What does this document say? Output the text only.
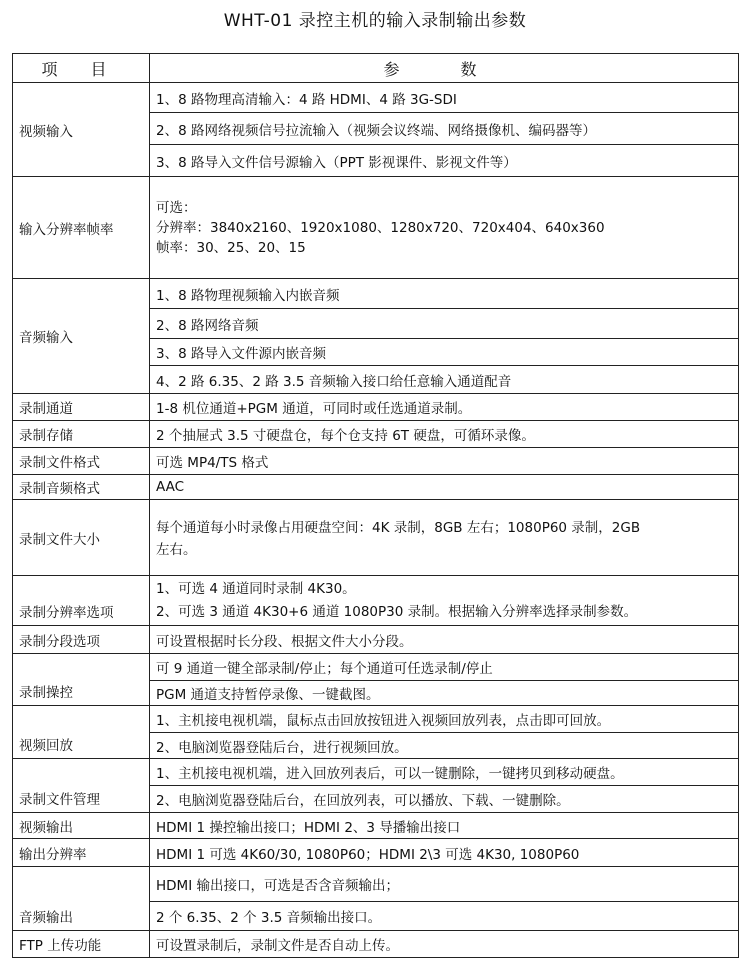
WHT-01 录控主机的输入录制输出参数
项 目	参 数
视频输入	1、8 路物理高清输入：4 路 HDMI、4 路 3G-SDI
	2、8 路网络视频信号拉流输入（视频会议终端、网络摄像机、编码器等）
	3、8 路导入文件信号源输入（PPT 影视课件、影视文件等）
输入分辨率帧率	可选：
分辨率：3840x2160、1920x1080、1280x720、720x404、640x360
帧率：30、25、20、15

音频输入	1、8 路物理视频输入内嵌音频
	2、8 路网络音频
	3、8 路导入文件源内嵌音频
	4、2 路 6.35、2 路 3.5 音频输入接口给任意输入通道配音
录制通道	1-8 机位通道+PGM 通道，可同时或任选通道录制。
录制存储	2 个抽屉式 3.5 寸硬盘仓，每个仓支持 6T 硬盘，可循环录像。
录制文件格式	可选 MP4/TS 格式
录制音频格式	AAC
录制文件大小	每个通道每小时录像占用硬盘空间：4K 录制，8GB 左右；1080P60 录制，2GB
左右。

录制分辨率选项	1、可选 4 通道同时录制 4K30。
2、可选 3 通道 4K30+6 通道 1080P30 录制。根据输入分辨率选择录制参数。

录制分段选项	可设置根据时长分段、根据文件大小分段。
录制操控	可 9 通道一键全部录制/停止；每个通道可任选录制/停止
	PGM 通道支持暂停录像、一键截图。
视频回放	1、主机接电视机端，鼠标点击回放按钮进入视频回放列表，点击即可回放。
	2、电脑浏览器登陆后台，进行视频回放。
录制文件管理	1、主机接电视机端，进入回放列表后，可以一键删除，一键拷贝到移动硬盘。
	2、电脑浏览器登陆后台，在回放列表，可以播放、下载、一键删除。
视频输出	HDMI 1 操控输出接口；HDMI 2、3 导播输出接口
输出分辨率	HDMI 1 可选 4K60/30, 1080P60；HDMI 2\3 可选 4K30, 1080P60
音频输出	HDMI 输出接口，可选是否含音频输出；
	2 个 6.35、2 个 3.5 音频输出接口。
FTP 上传功能	可设置录制后，录制文件是否自动上传。
